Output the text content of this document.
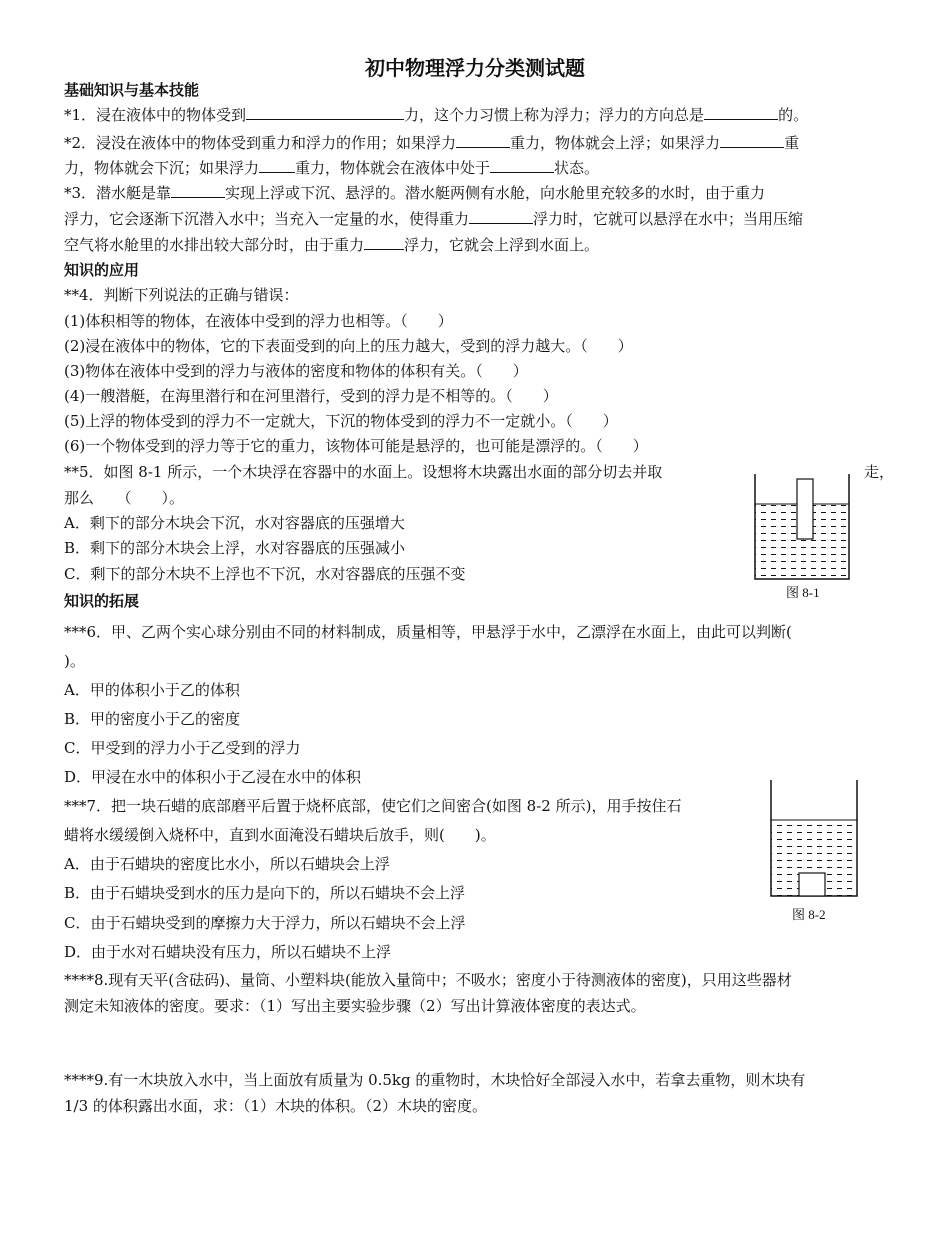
初中物理浮力分类测试题
基础知识与基本技能
*1．浸在液体中的物体受到	力，这个力习惯上称为浮力；浮力的方向总是	的。
*2．浸没在液体中的物体受到重力和浮力的作用；如果浮力	重力，物体就会上浮；如果浮力	重
力，物体就会下沉；如果浮力 重力，物体就会在液体中处于	状态。
*3．潜水艇是靠	实现上浮或下沉、悬浮的。潜水艇两侧有水舱，向水舱里充较多的水时，由于重力
浮力，它会逐渐下沉潜入水中；当充入一定量的水，使得重力	浮力时，它就可以悬浮在水中；当用压缩
空气将水舱里的水排出较大部分时，由于重力	浮力，它就会上浮到水面上。
知识的应用
**4．判断下列说法的正确与错误：
(1)体积相等的物体，在液体中受到的浮力也相等。（　　）
(2)浸在液体中的物体，它的下表面受到的向上的压力越大，受到的浮力越大。（　　）
(3)物体在液体中受到的浮力与液体的密度和物体的体积有关。（　　）
(4)一艘潜艇，在海里潜行和在河里潜行，受到的浮力是不相等的。（　　）
(5)上浮的物体受到的浮力不一定就大，下沉的物体受到的浮力不一定就小。（　　）
(6)一个物体受到的浮力等于它的重力，该物体可能是悬浮的，也可能是漂浮的。（　　）
**5．如图 8-1 所示，一个木块浮在容器中的水面上。设想将木块露出水面的部分切去并取	走，
那么　　（　　）。
A．剩下的部分木块会下沉，水对容器底的压强增大
B．剩下的部分木块会上浮，水对容器底的压强减小
C．剩下的部分木块不上浮也不下沉，水对容器底的压强不变
图 8-1
知识的拓展
***6．甲、乙两个实心球分别由不同的材料制成，质量相等，甲悬浮于水中，乙漂浮在水面上，由此可以判断(
)。
A．甲的体积小于乙的体积
B．甲的密度小于乙的密度
C．甲受到的浮力小于乙受到的浮力
D．甲浸在水中的体积小于乙浸在水中的体积
***7．把一块石蜡的底部磨平后置于烧杯底部，使它们之间密合(如图 8-2 所示)，用手按住石
蜡将水缓缓倒入烧杯中，直到水面淹没石蜡块后放手，则(　　)。
A．由于石蜡块的密度比水小，所以石蜡块会上浮
B．由于石蜡块受到水的压力是向下的，所以石蜡块不会上浮
C．由于石蜡块受到的摩擦力大于浮力，所以石蜡块不会上浮
D．由于水对石蜡块没有压力，所以石蜡块不上浮
图 8-2
****8.现有天平(含砝码)、量筒、小塑料块(能放入量筒中；不吸水；密度小于待测液体的密度)，只用这些器材
测定未知液体的密度。要求：（1）写出主要实验步骤（2）写出计算液体密度的表达式。
****9.有一木块放入水中，当上面放有质量为 0.5kg 的重物时，木块恰好全部浸入水中，若拿去重物，则木块有
1/3 的体积露出水面，求：（1）木块的体积。（2）木块的密度。
